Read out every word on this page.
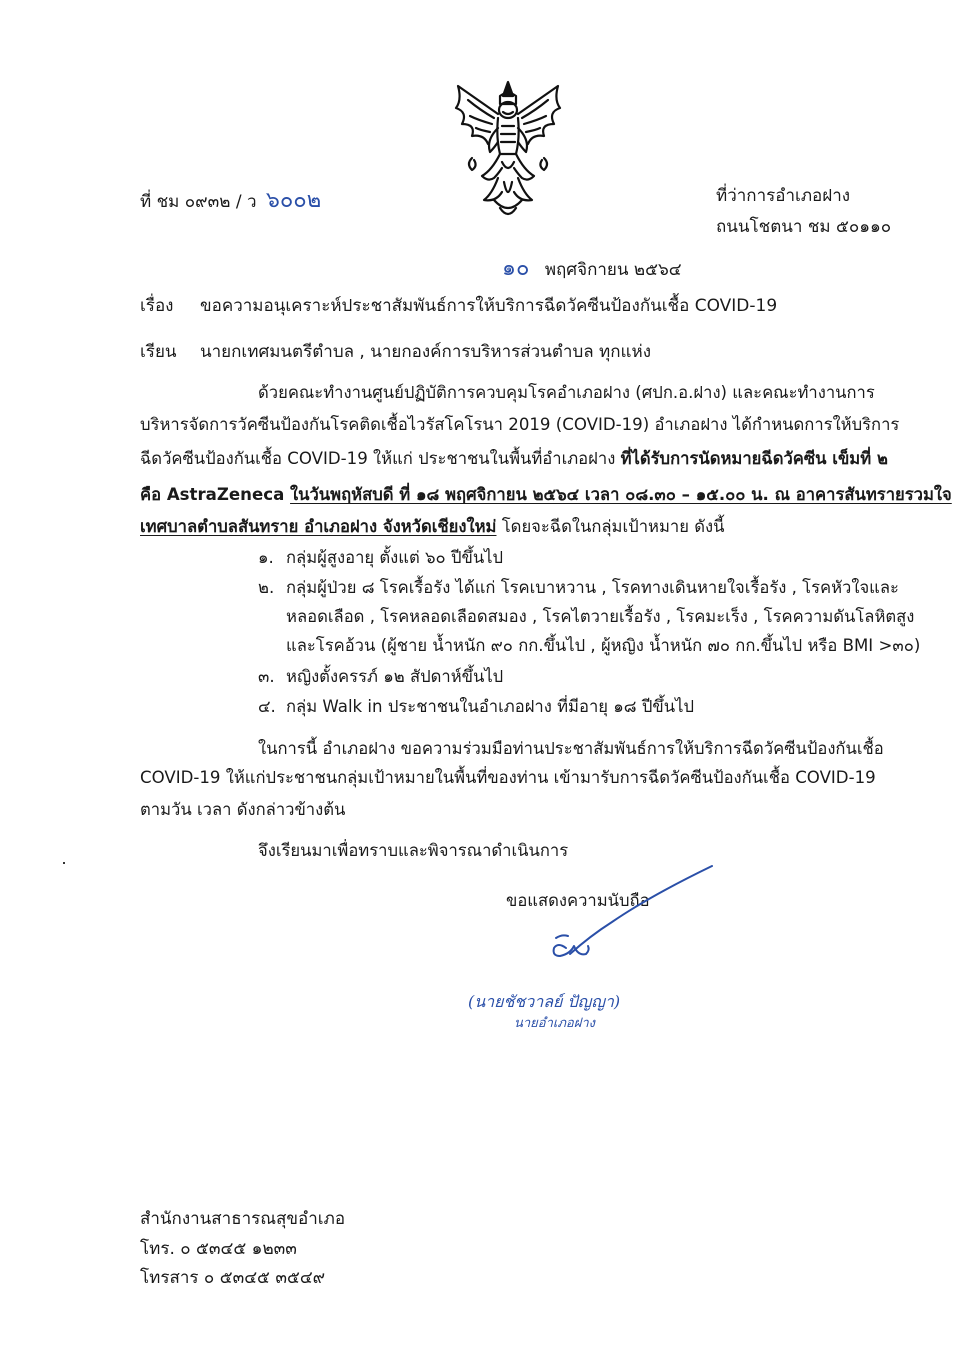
ที่ ชม ๐๙๓๒ / ว ๖๐๐๒	ที่ว่าการอำเภอฝาง
ถนนโชตนา ชม ๕๐๑๑๐
๑๐ พฤศจิกายน ๒๕๖๔
เรื่อง ขอความอนุเคราะห์ประชาสัมพันธ์การให้บริการฉีดวัคซีนป้องกันเชื้อ COVID-19
เรียน นายกเทศมนตรีตำบล , นายกองค์การบริหารส่วนตำบล ทุกแห่ง
ด้วยคณะทำงานศูนย์ปฏิบัติการควบคุมโรคอำเภอฝาง (ศปก.อ.ฝาง) และคณะทำงานการ
บริหารจัดการวัคซีนป้องกันโรคติดเชื้อไวรัสโคโรนา 2019 (COVID-19) อำเภอฝาง ได้กำหนดการให้บริการ
ฉีดวัคซีนป้องกันเชื้อ COVID-19 ให้แก่ ประชาชนในพื้นที่อำเภอฝาง ที่ได้รับการนัดหมายฉีดวัคซีน เข็มที่ ๒
คือ AstraZeneca ในวันพฤหัสบดี ที่ ๑๘ พฤศจิกายน ๒๕๖๔ เวลา ๐๘.๓๐ – ๑๕.๐๐ น. ณ อาคารสันทรายรวมใจ
เทศบาลตำบลสันทราย อำเภอฝาง จังหวัดเชียงใหม่ โดยจะฉีดในกลุ่มเป้าหมาย ดังนี้
๑. กลุ่มผู้สูงอายุ ตั้งแต่ ๖๐ ปีขึ้นไป
๒. กลุ่มผู้ป่วย ๘ โรคเรื้อรัง ได้แก่ โรคเบาหวาน , โรคทางเดินหายใจเรื้อรัง , โรคหัวใจและ
หลอดเลือด , โรคหลอดเลือดสมอง , โรคไตวายเรื้อรัง , โรคมะเร็ง , โรคความดันโลหิตสูง
และโรคอ้วน (ผู้ชาย น้ำหนัก ๙๐ กก.ขึ้นไป , ผู้หญิง น้ำหนัก ๗๐ กก.ขึ้นไป หรือ BMI >๓๐)
๓. หญิงตั้งครรภ์ ๑๒ สัปดาห์ขึ้นไป
๔. กลุ่ม Walk in ประชาชนในอำเภอฝาง ที่มีอายุ ๑๘ ปีขึ้นไป
ในการนี้ อำเภอฝาง ขอความร่วมมือท่านประชาสัมพันธ์การให้บริการฉีดวัคซีนป้องกันเชื้อ
COVID-19 ให้แก่ประชาชนกลุ่มเป้าหมายในพื้นที่ของท่าน เข้ามารับการฉีดวัคซีนป้องกันเชื้อ COVID-19
ตามวัน เวลา ดังกล่าวข้างต้น
จึงเรียนมาเพื่อทราบและพิจารณาดำเนินการ
ขอแสดงความนับถือ
(นายชัชวาลย์ ปัญญา)
นายอำเภอฝาง
สำนักงานสาธารณสุขอำเภอ
โทร. ๐ ๕๓๔๕ ๑๒๓๓
โทรสาร ๐ ๕๓๔๕ ๓๕๔๙
